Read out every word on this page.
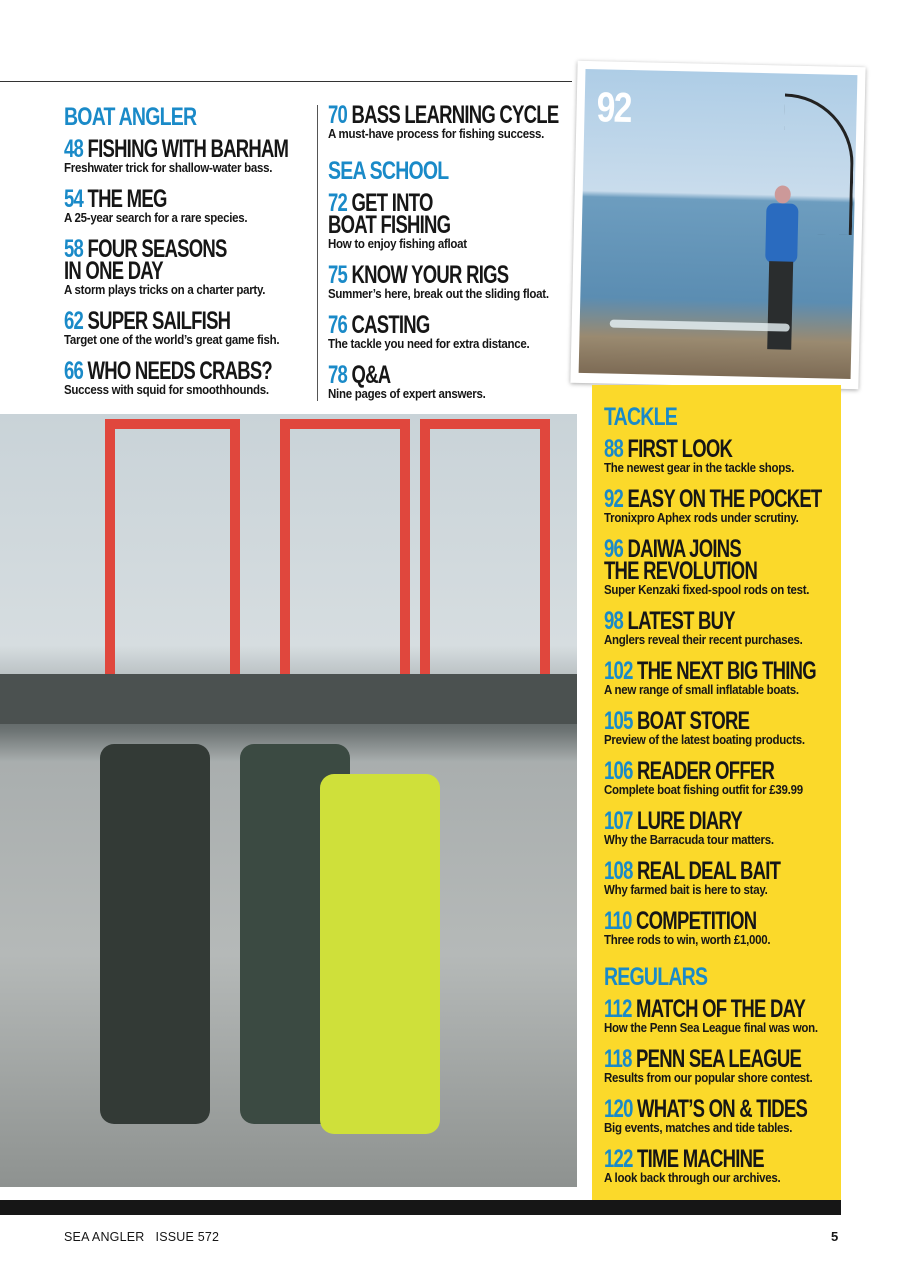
BOAT ANGLER
48 FISHING WITH BARHAM
Freshwater trick for shallow-water bass.
54 THE MEG
A 25-year search for a rare species.
58 FOUR SEASONS
IN ONE DAY
A storm plays tricks on a charter party.
62 SUPER SAILFISH
Target one of the world’s great game fish.
66 WHO NEEDS CRABS?
Success with squid for smoothhounds.
70 BASS LEARNING CYCLE
A must-have process for fishing success.
SEA SCHOOL
72 GET INTO
BOAT FISHING
How to enjoy fishing afloat
75 KNOW YOUR RIGS
Summer’s here, break out the sliding float.
76 CASTING
The tackle you need for extra distance.
78 Q&A
Nine pages of expert answers.
92
TACKLE
88 FIRST LOOK
The newest gear in the tackle shops.
92 EASY ON THE POCKET
Tronixpro Aphex rods under scrutiny.
96 DAIWA JOINS
THE REVOLUTION
Super Kenzaki fixed-spool rods on test.
98 LATEST BUY
Anglers reveal their recent purchases.
102 THE NEXT BIG THING
A new range of small inflatable boats.
105 BOAT STORE
Preview of the latest boating products.
106 READER OFFER
Complete boat fishing outfit for £39.99
107 LURE DIARY
Why the Barracuda tour matters.
108 REAL DEAL BAIT
Why farmed bait is here to stay.
110 COMPETITION
Three rods to win, worth £1,000.
REGULARS
112 MATCH OF THE DAY
How the Penn Sea League final was won.
118 PENN SEA LEAGUE
Results from our popular shore contest.
120 WHAT’S ON & TIDES
Big events, matches and tide tables.
122 TIME MACHINE
A look back through our archives.
SEA ANGLER ISSUE 572	5
